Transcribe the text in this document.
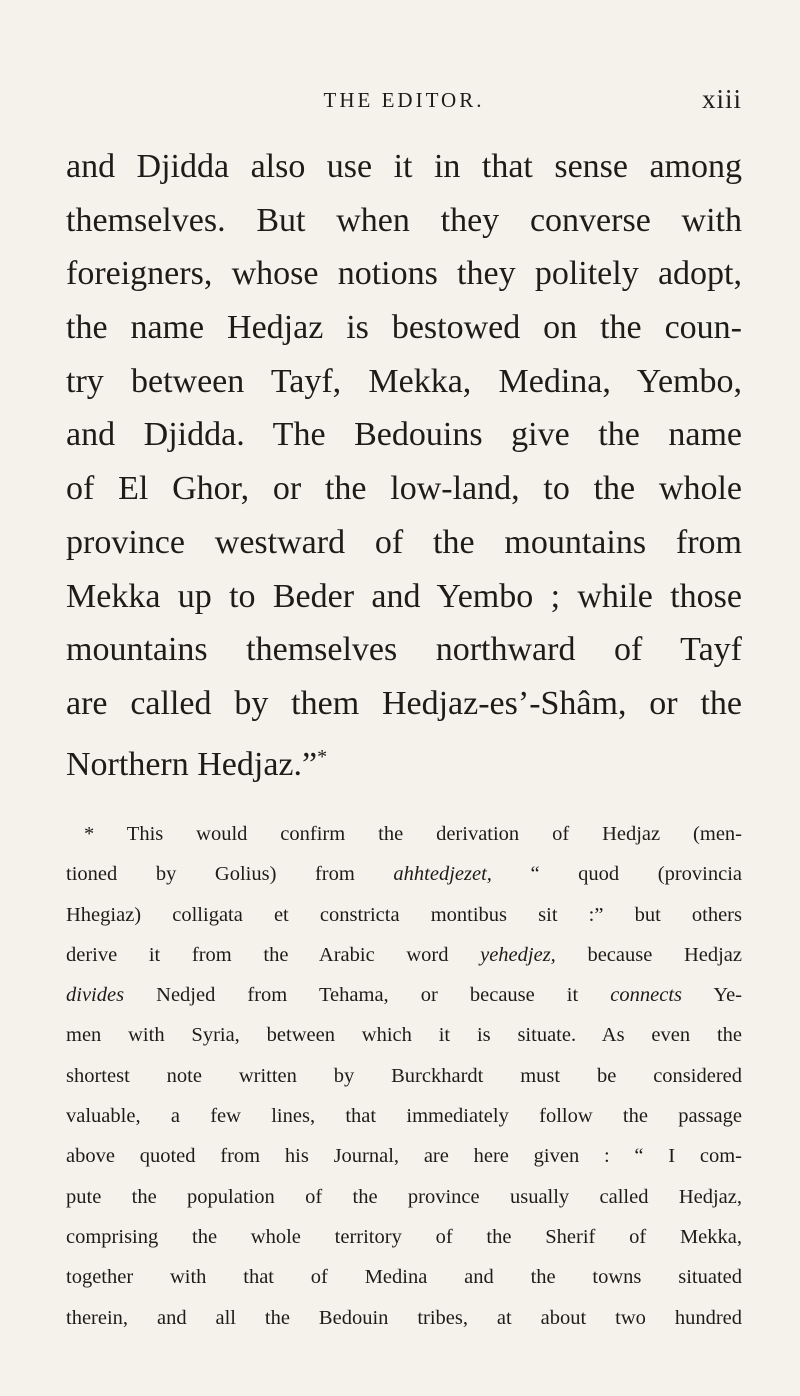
THE EDITOR.	xiii
and Djidda also use it in that sense among
themselves. But when they converse with
foreigners, whose notions they politely adopt,
the name Hedjaz is bestowed on the coun-
try between Tayf, Mekka, Medina, Yembo,
and Djidda. The Bedouins give the name
of El Ghor, or the low-land, to the whole
province westward of the mountains from
Mekka up to Beder and Yembo ; while those
mountains themselves northward of Tayf
are called by them Hedjaz-es’-Shâm, or the
Northern Hedjaz.”*
* This would confirm the derivation of Hedjaz (men-
tioned by Golius) from ahhtedjezet, “ quod (provincia
Hhegiaz) colligata et constricta montibus sit :” but others
derive it from the Arabic word yehedjez, because Hedjaz
divides Nedjed from Tehama, or because it connects Ye-
men with Syria, between which it is situate. As even the
shortest note written by Burckhardt must be considered
valuable, a few lines, that immediately follow the passage
above quoted from his Journal, are here given : “ I com-
pute the population of the province usually called Hedjaz,
comprising the whole territory of the Sherif of Mekka,
together with that of Medina and the towns situated
therein, and all the Bedouin tribes, at about two hundred
